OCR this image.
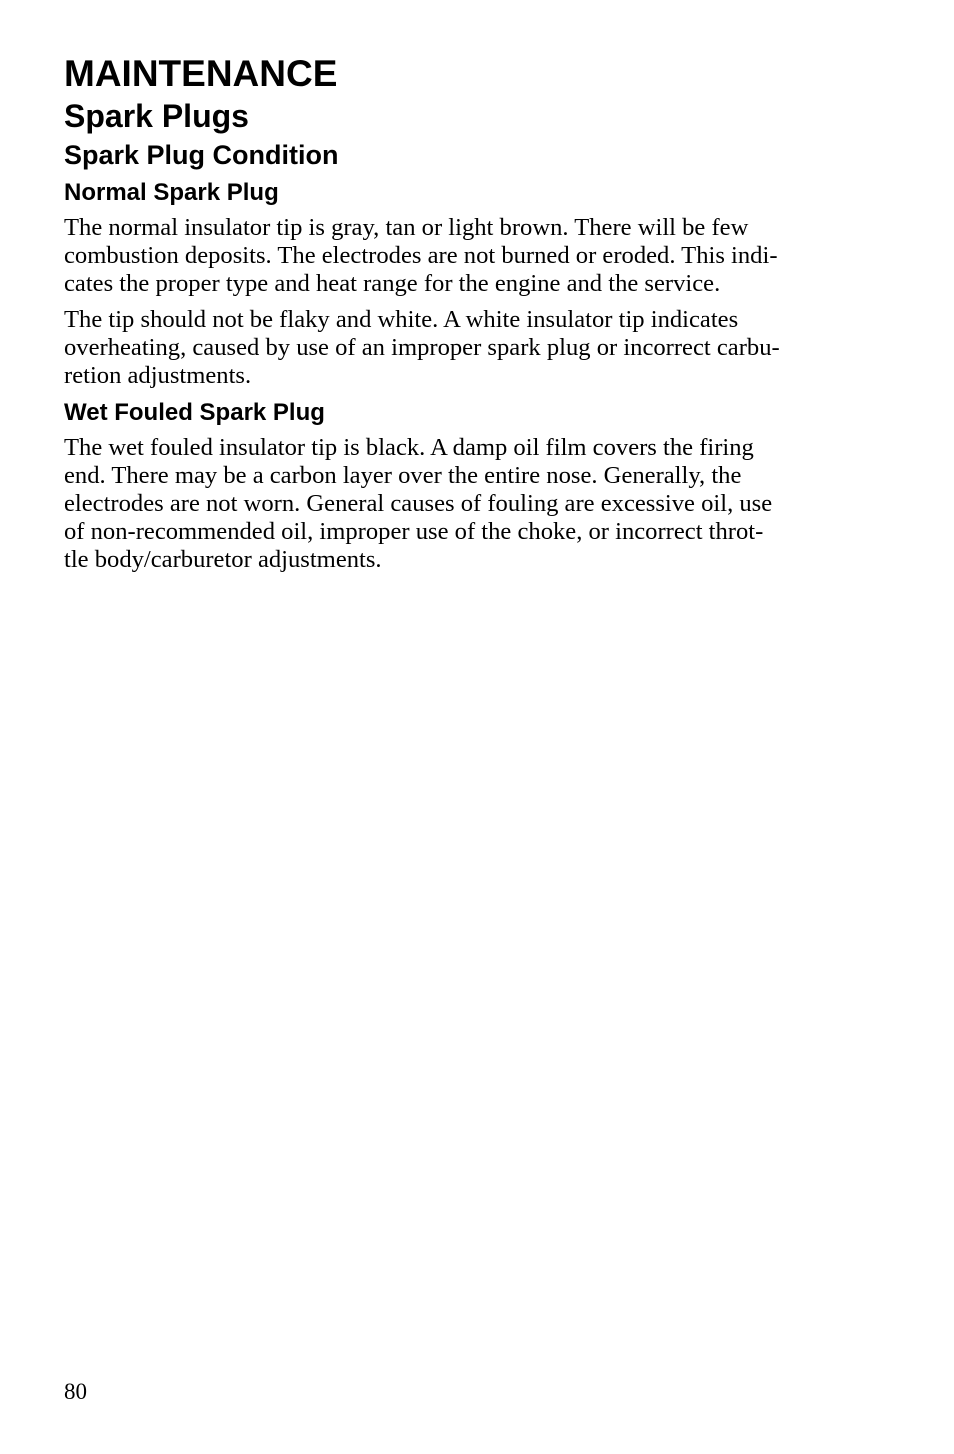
MAINTENANCE
Spark Plugs
Spark Plug Condition
Normal Spark Plug

The normal insulator tip is gray, tan or light brown. There will be few
combustion deposits. The electrodes are not burned or eroded. This indi-
cates the proper type and heat range for the engine and the service.

The tip should not be flaky and white. A white insulator tip indicates
overheating, caused by use of an improper spark plug or incorrect carbu-
retion adjustments.

Wet Fouled Spark Plug

The wet fouled insulator tip is black. A damp oil film covers the firing
end. There may be a carbon layer over the entire nose. Generally, the
electrodes are not worn. General causes of fouling are excessive oil, use
of non-recommended oil, improper use of the choke, or incorrect throt-
tle body/carburetor adjustments.

80
